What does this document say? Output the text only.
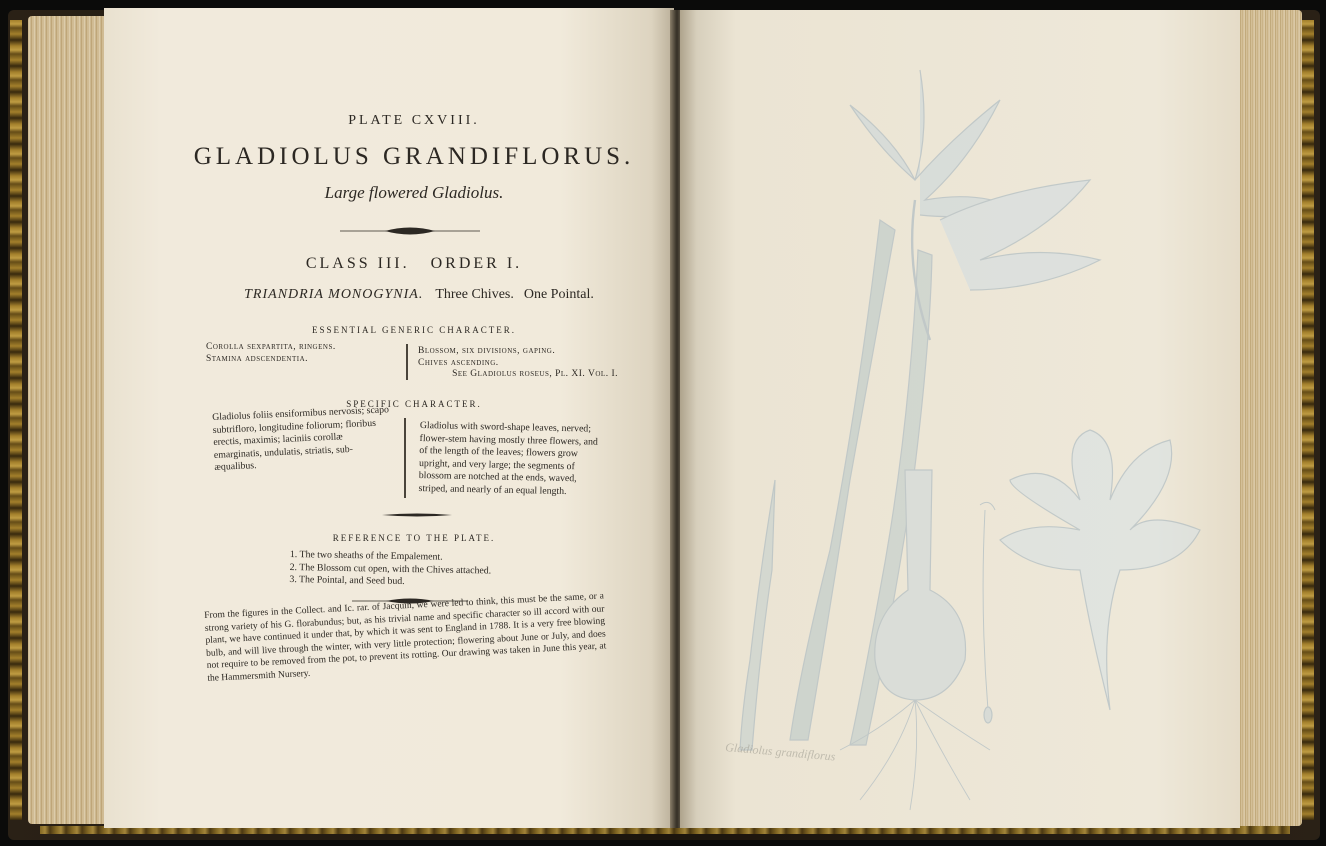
PLATE CXVIII.
GLADIOLUS GRANDIFLORUS.
Large flowered Gladiolus.
CLASS III.   ORDER I.
TRIANDRIA MONOGYNIA. Three Chives. One Pointal.
ESSENTIAL GENERIC CHARACTER.
Corolla sexpartita, ringens.
Stamina adscendentia.
Blossom, six divisions, gaping.
Chives ascending.
See Gladiolus roseus, Pl. XI. Vol. I.
SPECIFIC CHARACTER.
Gladiolus foliis ensiformibus nervosis; scapo subtrifloro, longitudine foliorum; floribus erectis, maximis; laciniis corollæ emarginatis, undulatis, striatis, sub-æqualibus.
Gladiolus with sword-shape leaves, nerved; flower-stem having mostly three flowers, and of the length of the leaves; flowers grow upright, and very large; the segments of blossom are notched at the ends, waved, striped, and nearly of an equal length.
REFERENCE TO THE PLATE.
1. The two sheaths of the Empalement.
2. The Blossom cut open, with the Chives attached.
3. The Pointal, and Seed bud.
From the figures in the Collect. and Ic. rar. of Jacquin, we were led to think, this must be the same, or a strong variety of his G. florabundus; but, as his trivial name and specific character so ill accord with our plant, we have continued it under that, by which it was sent to England in 1788. It is a very free blowing bulb, and will live through the winter, with very little protection; flowering about June or July, and does not require to be removed from the pot, to prevent its rotting. Our drawing was taken in June this year, at the Hammersmith Nursery.
Gladiolus grandiflorus
